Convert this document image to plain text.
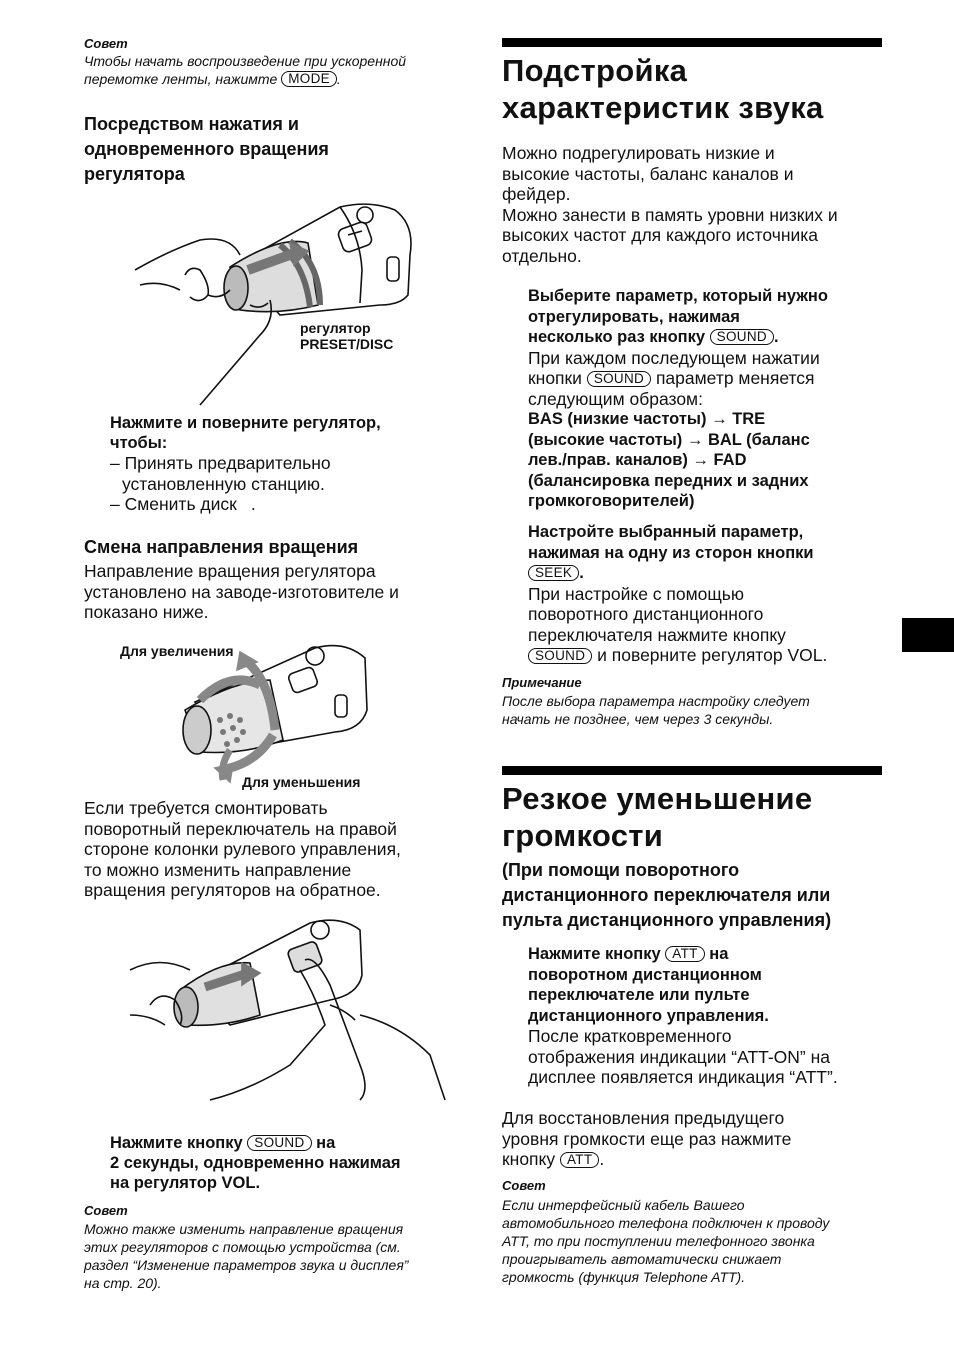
Совет
Чтобы начать воспроизведение при ускоренной
перемотке ленты, нажимте MODE .
Посредством нажатия и
одновременного вращения
регулятора
регулятор
PRESET/DISC
Нажмите и поверните регулятор,
чтобы:
– Принять предварительно
установленную станцию.
– Сменить диск .
Смена направления вращения
Направление вращения регулятора
установлено на заводе-изготовителе и
показано ниже.
Для увеличения
Для уменьшения
Если требуется смонтировать
поворотный переключатель на правой
стороне колонки рулевого управления,
то можно изменить направление
вращения регуляторов на обратное.
Нажмите кнопку SOUND на
2 секунды, одновременно нажимая
на регулятор VOL.
Совет
Можно также изменить направление вращения
этих регуляторов с помощью устройства (см.
раздел “Изменение параметров звука и дисплея”
на стр. 20).
Подстройка
характеристик звука
Можно подрегулировать низкие и
высокие частоты, баланс каналов и
фейдер.
Можно занести в память уровни низких и
высоких частот для каждого источника
отдельно.
Выберите параметр, который нужно
отрегулировать, нажимая
несколько раз кнопку SOUND .
При каждом последующем нажатии
кнопки SOUND параметр меняется
следующим образом:
BAS (низкие частоты) → TRE
(высокие частоты) → BAL (баланс
лев./прав. каналов) → FAD
(балансировка передних и задних
громкоговорителей)
Настройте выбранный параметр,
нажимая на одну из сторон кнопки
SEEK .
При настройке с помощью
поворотного дистанционного
переключателя нажмите кнопку
SOUND и поверните регулятор VOL.
Примечание
После выбора параметра настройку следует
начать не позднее, чем через 3 секунды.
Резкое уменьшение
громкости
(При помощи поворотного
дистанционного переключателя или
пульта дистанционного управления)
Нажмите кнопку ATT на
поворотном дистанционном
переключателе или пульте
дистанционного управления.
После кратковременного
отображения индикации “ATT-ON” на
дисплее появляется индикация “ATT”.
Для восстановления предыдущего
уровня громкости еще раз нажмите
кнопку ATT .
Совет
Если интерфейсный кабель Вашего
автомобильного телефона подключен к проводу
ATT, то при поступлении телефонного звонка
проигрыватель автоматически снижает
громкость (функция Telephone ATT).
